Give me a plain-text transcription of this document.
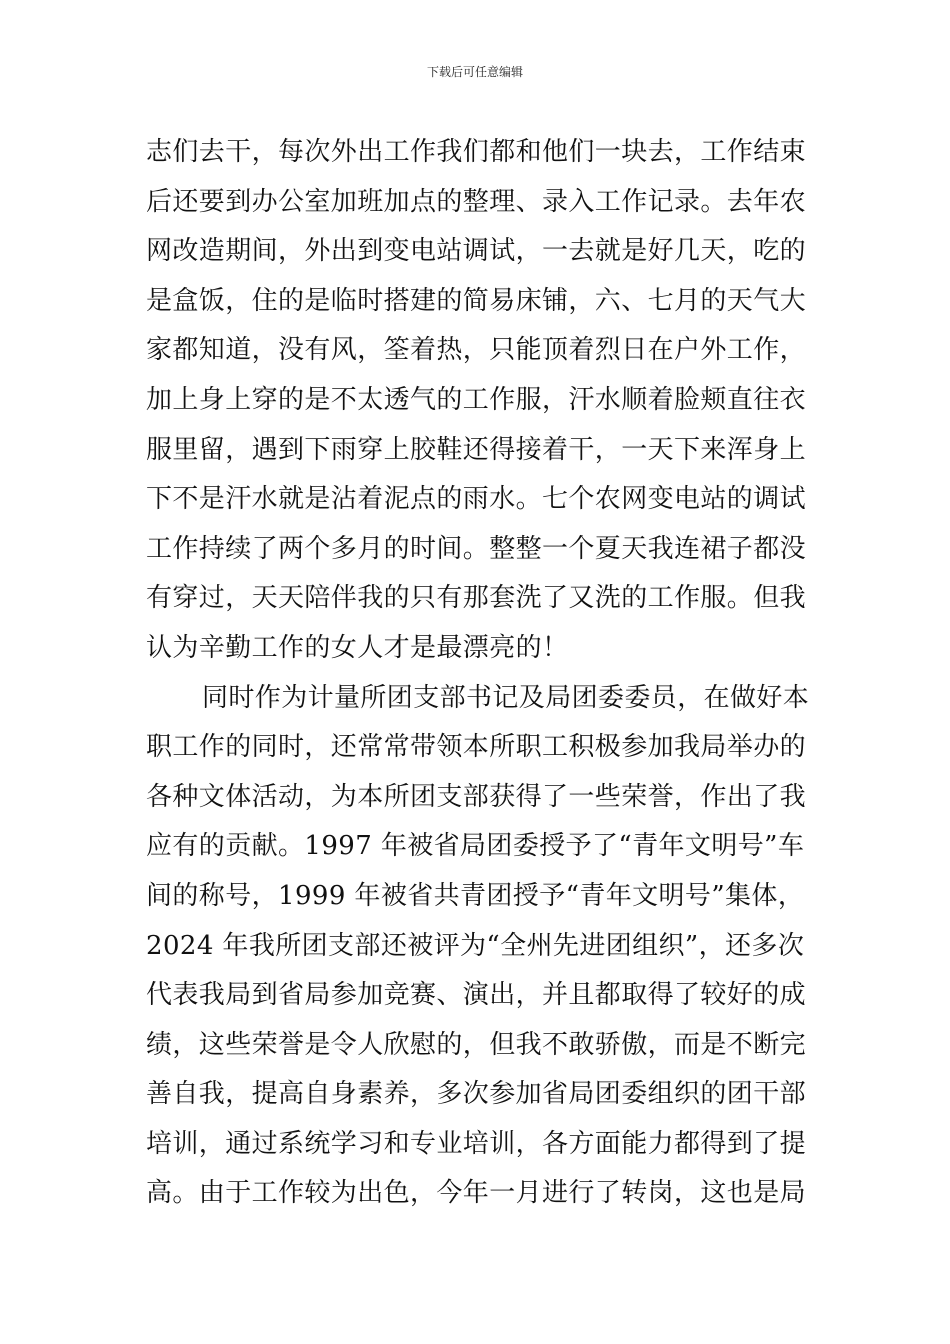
下载后可任意编辑
志们去干，每次外出工作我们都和他们一块去，工作结束
后还要到办公室加班加点的整理、录入工作记录。去年农
网改造期间，外出到变电站调试，一去就是好几天，吃的
是盒饭，住的是临时搭建的简易床铺，六、七月的天气大
家都知道，没有风，筌着热，只能顶着烈日在户外工作，
加上身上穿的是不太透气的工作服，汗水顺着脸颊直往衣
服里留，遇到下雨穿上胶鞋还得接着干，一天下来浑身上
下不是汗水就是沾着泥点的雨水。七个农网变电站的调试
工作持续了两个多月的时间。整整一个夏天我连裙子都没
有穿过，天天陪伴我的只有那套洗了又洗的工作服。但我
认为辛勤工作的女人才是最漂亮的！
同时作为计量所团支部书记及局团委委员，在做好本
职工作的同时，还常常带领本所职工积极参加我局举办的
各种文体活动，为本所团支部获得了一些荣誉，作出了我
应有的贡献。1997 年被省局团委授予了“青年文明号”车
间的称号，1999 年被省共青团授予“青年文明号”集体，
2024 年我所团支部还被评为“全州先进团组织”，还多次
代表我局到省局参加竞赛、演出，并且都取得了较好的成
绩，这些荣誉是令人欣慰的，但我不敢骄傲，而是不断完
善自我，提高自身素养，多次参加省局团委组织的团干部
培训，通过系统学习和专业培训，各方面能力都得到了提
高。由于工作较为出色，今年一月进行了转岗，这也是局
